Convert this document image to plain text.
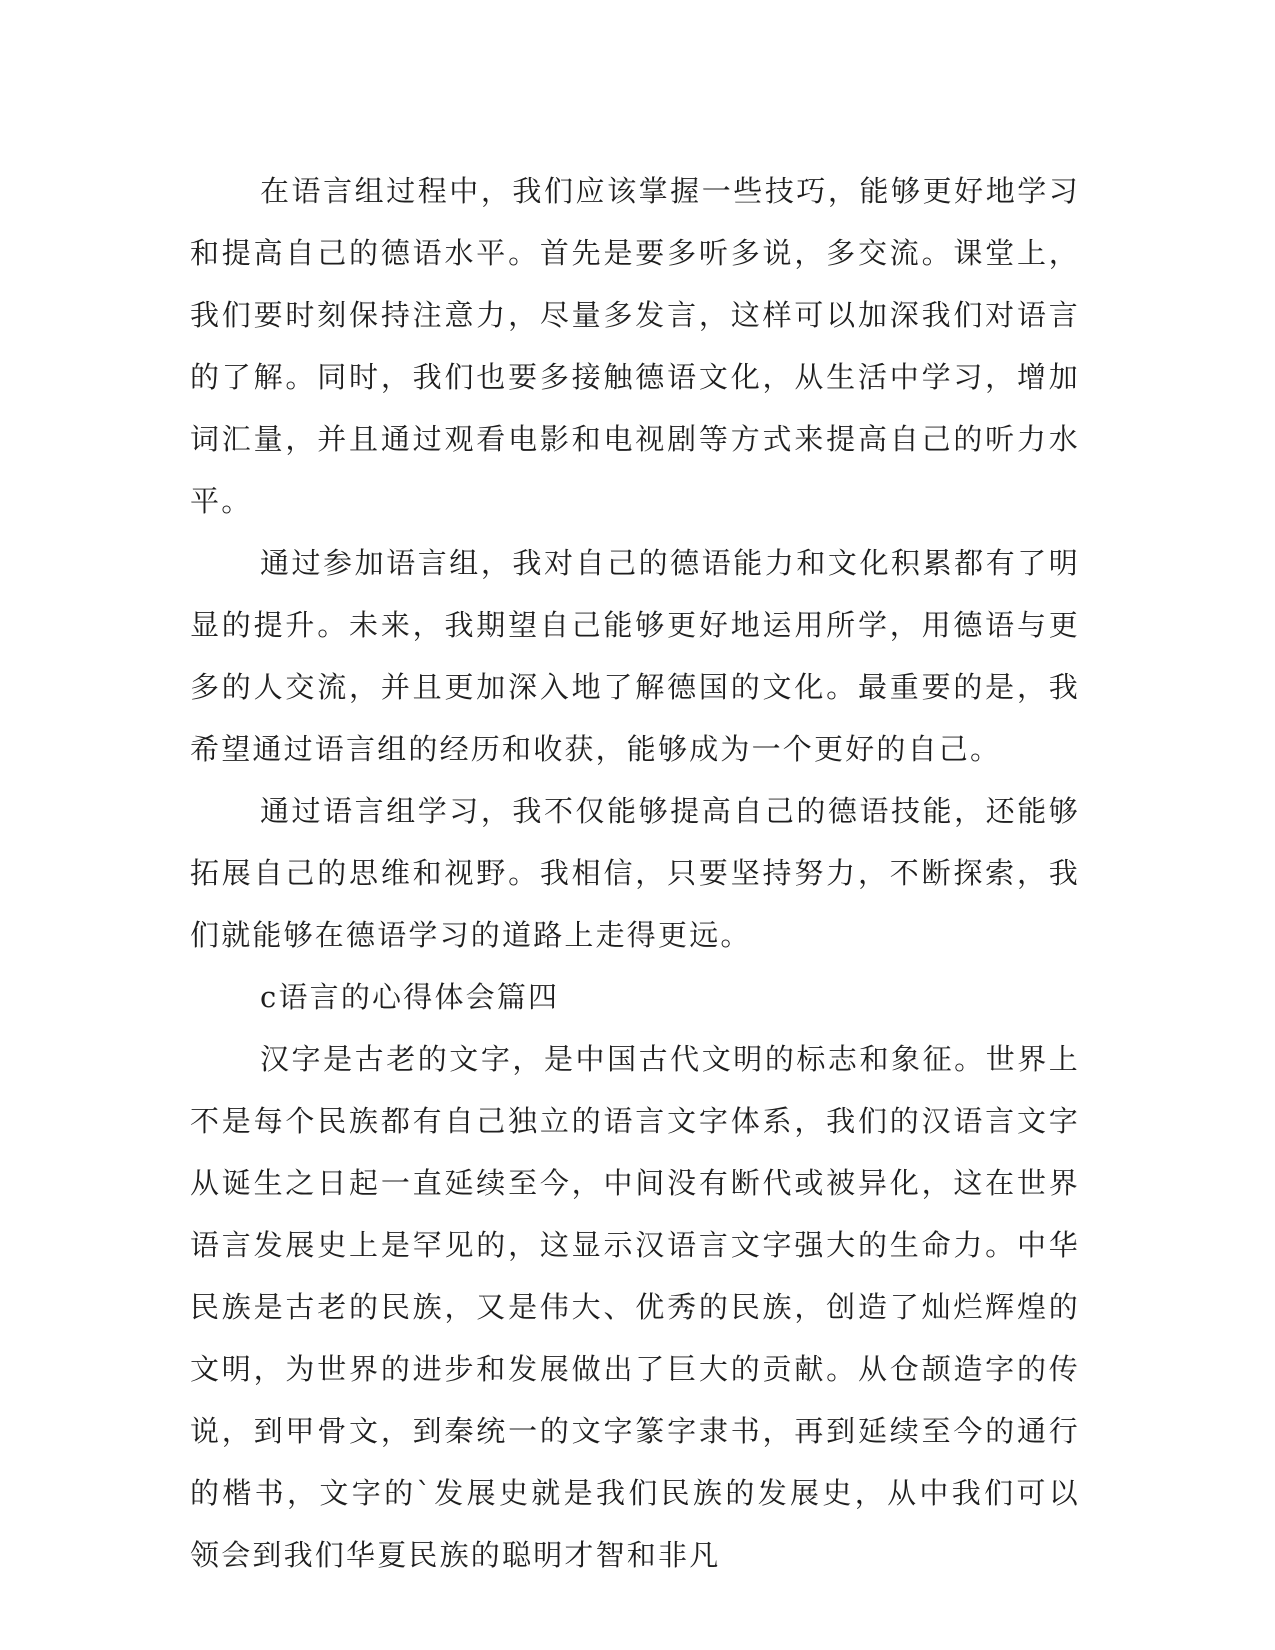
在语言组过程中，我们应该掌握一些技巧，能够更好地学习和提高自己的德语水平。首先是要多听多说，多交流。课堂上，我们要时刻保持注意力，尽量多发言，这样可以加深我们对语言的了解。同时，我们也要多接触德语文化，从生活中学习，增加词汇量，并且通过观看电影和电视剧等方式来提高自己的听力水平。

通过参加语言组，我对自己的德语能力和文化积累都有了明显的提升。未来，我期望自己能够更好地运用所学，用德语与更多的人交流，并且更加深入地了解德国的文化。最重要的是，我希望通过语言组的经历和收获，能够成为一个更好的自己。

通过语言组学习，我不仅能够提高自己的德语技能，还能够拓展自己的思维和视野。我相信，只要坚持努力，不断探索，我们就能够在德语学习的道路上走得更远。

c语言的心得体会篇四

汉字是古老的文字，是中国古代文明的标志和象征。世界上不是每个民族都有自己独立的语言文字体系，我们的汉语言文字从诞生之日起一直延续至今，中间没有断代或被异化，这在世界语言发展史上是罕见的，这显示汉语言文字强大的生命力。中华民族是古老的民族，又是伟大、优秀的民族，创造了灿烂辉煌的文明，为世界的进步和发展做出了巨大的贡献。从仓颉造字的传说，到甲骨文，到秦统一的文字篆字隶书，再到延续至今的通行的楷书，文字的`发展史就是我们民族的发展史，从中我们可以领会到我们华夏民族的聪明才智和非凡
